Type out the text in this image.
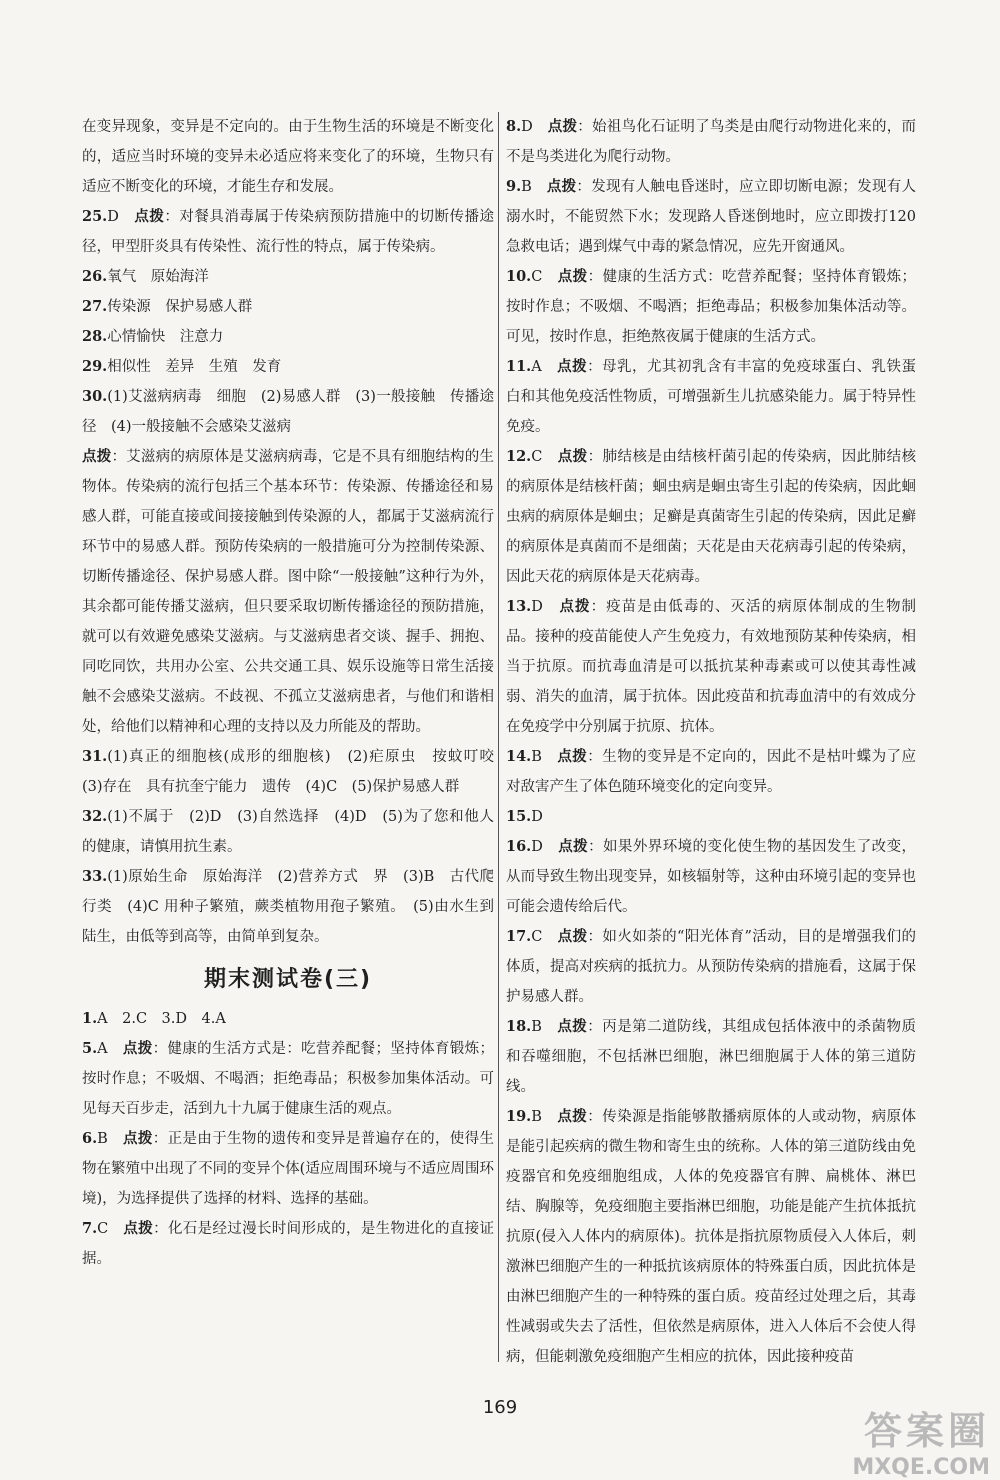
在变异现象，变异是不定向的。由于生物生活的环境是不断变化的，适应当时环境的变异未必适应将来变化了的环境，生物只有适应不断变化的环境，才能生存和发展。
25.D　点拨：对餐具消毒属于传染病预防措施中的切断传播途径，甲型肝炎具有传染性、流行性的特点，属于传染病。
26.氧气　原始海洋
27.传染源　保护易感人群
28.心情愉快　注意力
29.相似性　差异　生殖　发育
30.(1)艾滋病病毒　细胞　(2)易感人群　(3)一般接触　传播途径　(4)一般接触不会感染艾滋病
点拨：艾滋病的病原体是艾滋病病毒，它是不具有细胞结构的生物体。传染病的流行包括三个基本环节：传染源、传播途径和易感人群，可能直接或间接接触到传染源的人，都属于艾滋病流行环节中的易感人群。预防传染病的一般措施可分为控制传染源、切断传播途径、保护易感人群。图中除“一般接触”这种行为外，其余都可能传播艾滋病，但只要采取切断传播途径的预防措施，就可以有效避免感染艾滋病。与艾滋病患者交谈、握手、拥抱、同吃同饮，共用办公室、公共交通工具、娱乐设施等日常生活接触不会感染艾滋病。不歧视、不孤立艾滋病患者，与他们和谐相处，给他们以精神和心理的支持以及力所能及的帮助。
31.(1)真正的细胞核(成形的细胞核)　(2)疟原虫　按蚊叮咬　(3)存在　具有抗奎宁能力　遗传　(4)C　(5)保护易感人群
32.(1)不属于　(2)D　(3)自然选择　(4)D　(5)为了您和他人的健康，请慎用抗生素。
33.(1)原始生命　原始海洋　(2)营养方式　界　(3)B　古代爬行类　(4)C 用种子繁殖，蕨类植物用孢子繁殖。　(5)由水生到陆生，由低等到高等，由简单到复杂。
期末测试卷(三)
1.A　2.C　3.D　4.A
5.A　点拨：健康的生活方式是：吃营养配餐；坚持体育锻炼；按时作息；不吸烟、不喝酒；拒绝毒品；积极参加集体活动。可见每天百步走，活到九十九属于健康生活的观点。
6.B　点拨：正是由于生物的遗传和变异是普遍存在的，使得生物在繁殖中出现了不同的变异个体(适应周围环境与不适应周围环境)，为选择提供了选择的材料、选择的基础。
7.C　点拨：化石是经过漫长时间形成的，是生物进化的直接证据。
8.D　点拨：始祖鸟化石证明了鸟类是由爬行动物进化来的，而不是鸟类进化为爬行动物。
9.B　点拨：发现有人触电昏迷时，应立即切断电源；发现有人溺水时，不能贸然下水；发现路人昏迷倒地时，应立即拨打120急救电话；遇到煤气中毒的紧急情况，应先开窗通风。
10.C　点拨：健康的生活方式：吃营养配餐；坚持体育锻炼；按时作息；不吸烟、不喝酒；拒绝毒品；积极参加集体活动等。可见，按时作息，拒绝熬夜属于健康的生活方式。
11.A　点拨：母乳，尤其初乳含有丰富的免疫球蛋白、乳铁蛋白和其他免疫活性物质，可增强新生儿抗感染能力。属于特异性免疫。
12.C　点拨：肺结核是由结核杆菌引起的传染病，因此肺结核的病原体是结核杆菌；蛔虫病是蛔虫寄生引起的传染病，因此蛔虫病的病原体是蛔虫；足癣是真菌寄生引起的传染病，因此足癣的病原体是真菌而不是细菌；天花是由天花病毒引起的传染病，因此天花的病原体是天花病毒。
13.D　点拨：疫苗是由低毒的、灭活的病原体制成的生物制品。接种的疫苗能使人产生免疫力，有效地预防某种传染病，相当于抗原。而抗毒血清是可以抵抗某种毒素或可以使其毒性减弱、消失的血清，属于抗体。因此疫苗和抗毒血清中的有效成分在免疫学中分别属于抗原、抗体。
14.B　点拨：生物的变异是不定向的，因此不是枯叶蝶为了应对敌害产生了体色随环境变化的定向变异。
15.D
16.D　点拨：如果外界环境的变化使生物的基因发生了改变，从而导致生物出现变异，如核辐射等，这种由环境引起的变异也可能会遗传给后代。
17.C　点拨：如火如荼的“阳光体育”活动，目的是增强我们的体质，提高对疾病的抵抗力。从预防传染病的措施看，这属于保护易感人群。
18.B　点拨：丙是第二道防线，其组成包括体液中的杀菌物质和吞噬细胞，不包括淋巴细胞，淋巴细胞属于人体的第三道防线。
19.B　点拨：传染源是指能够散播病原体的人或动物，病原体是能引起疾病的微生物和寄生虫的统称。人体的第三道防线由免疫器官和免疫细胞组成，人体的免疫器官有脾、扁桃体、淋巴结、胸腺等，免疫细胞主要指淋巴细胞，功能是能产生抗体抵抗抗原(侵入人体内的病原体)。抗体是指抗原物质侵入人体后，刺激淋巴细胞产生的一种抵抗该病原体的特殊蛋白质，因此抗体是由淋巴细胞产生的一种特殊的蛋白质。疫苗经过处理之后，其毒性减弱或失去了活性，但依然是病原体，进入人体后不会使人得病，但能刺激免疫细胞产生相应的抗体，因此接种疫苗
169
答案圈
MXQE.COM
